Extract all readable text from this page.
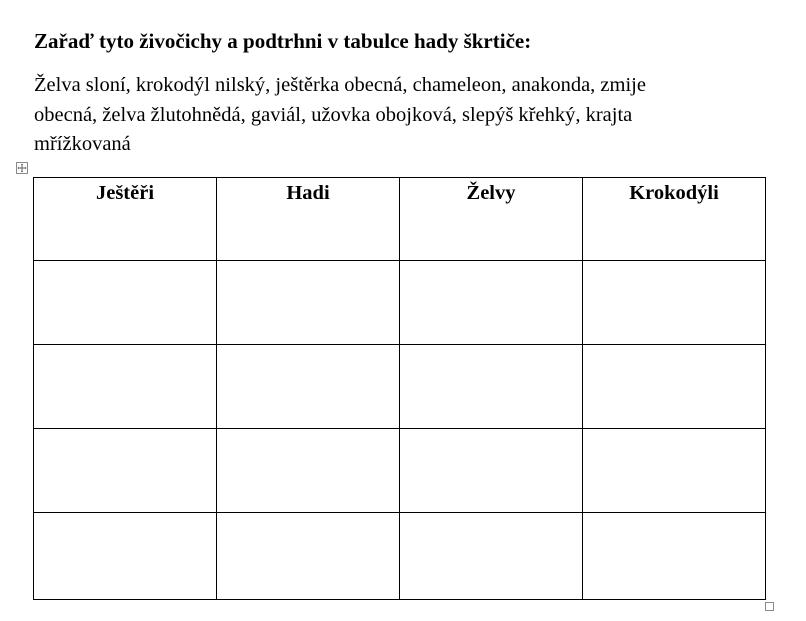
Zařaď tyto živočichy a podtrhni v tabulce hady škrtiče:
Želva sloní, krokodýl nilský, ještěrka obecná, chameleon, anakonda, zmije
obecná, želva žlutohnědá, gaviál, užovka obojková, slepýš křehký, krajta
mřížkovaná
Ještěři	Hadi	Želvy	Krokodýli
